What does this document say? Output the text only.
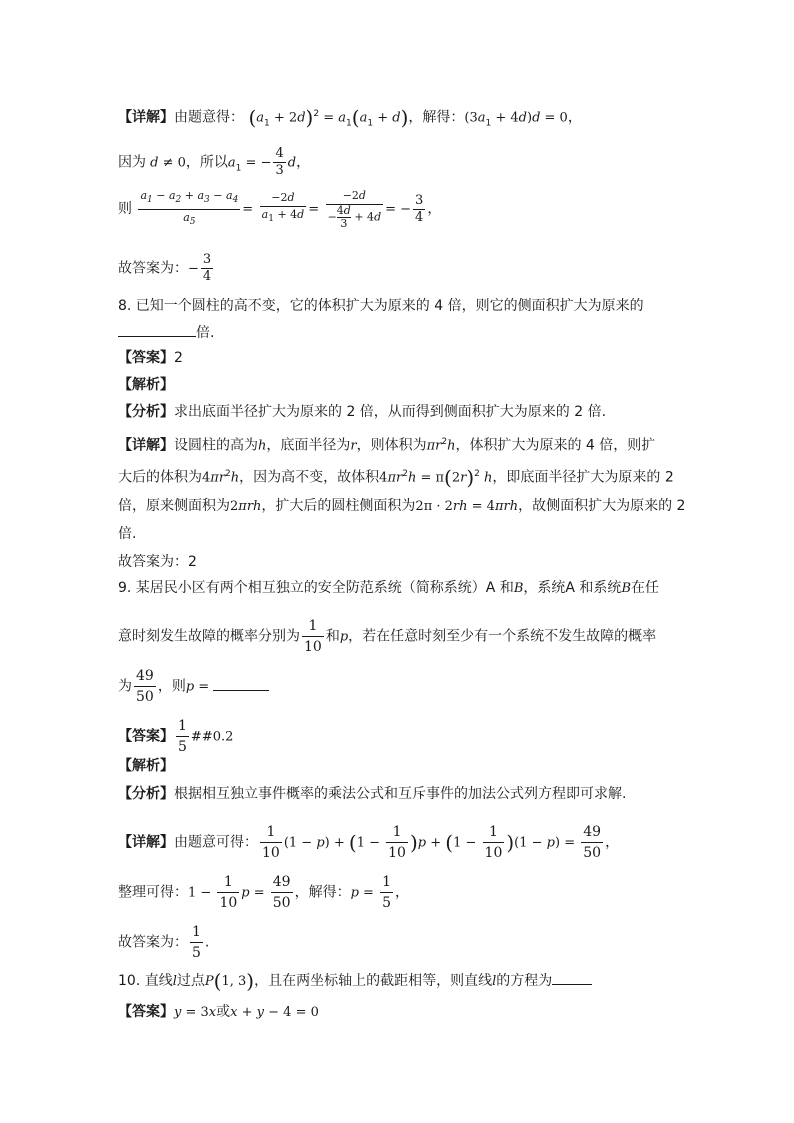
【详解】由题意得： $(a_1 + 2d)^2 = a_1(a_1 + d)$，解得：$(3a_1 + 4d)d = 0$，
因为 d ≠ 0，所以$a_1$ = − $\frac{4}{3}$ d，
则 $\frac{a_1 - a_2 + a_3 - a_4}{a_5} = \frac{-2d}{a_1 + 4d} = \frac{-2d}{- \frac{4d}{3} + 4d}$ = − $\frac{3}{4}$ ，
故答案为：− $\frac{3}{4}$
8. 已知一个圆柱的高不变，它的体积扩大为原来的 4 倍，则它的侧面积扩大为原来的
倍.
【答案】2
【解析】
【分析】求出底面半径扩大为原来的 2 倍，从而得到侧面积扩大为原来的 2 倍.
【详解】设圆柱的高为h，底面半径为r，则体积为$\pi r^2h$，体积扩大为原来的 4 倍，则扩
大后的体积为$4\pi r^2h$，因为高不变，故体积$4\pi r^2h = \pi(2r)^2$ h，即底面半径扩大为原来的 2
倍，原来侧面积为2πrh，扩大后的圆柱侧面积为2π · 2rh = 4πrh，故侧面积扩大为原来的 2
倍.
故答案为：2
9. 某居民小区有两个相互独立的安全防范系统（简称系统）A 和B，系统A 和系统B在任
意时刻发生故障的概率分别为 $\frac{1}{10}$ 和p，若在任意时刻至少有一个系统不发生故障的概率
为 $\frac{49}{50}$ ，则p =
【答案】 $\frac{1}{5}$ ##0.2
【解析】
【分析】根据相互独立事件概率的乘法公式和互斥事件的加法公式列方程即可求解.
【详解】由题意可得： $\frac{1}{10} (1 - p) + (1 - \frac{1}{10} )p + (1 - \frac{1}{10} )(1 - p) = \frac{49}{50}$ ，
整理可得：$1 - \frac{1}{10}$ $p = \frac{49}{50}$ ，解得：$p = \frac{1}{5}$ ，
故答案为： $\frac{1}{5}$ .
10. 直线l过点P(1, 3)，且在两坐标轴上的截距相等，则直线l的方程为
【答案】y = 3x或x + y − 4 = 0
